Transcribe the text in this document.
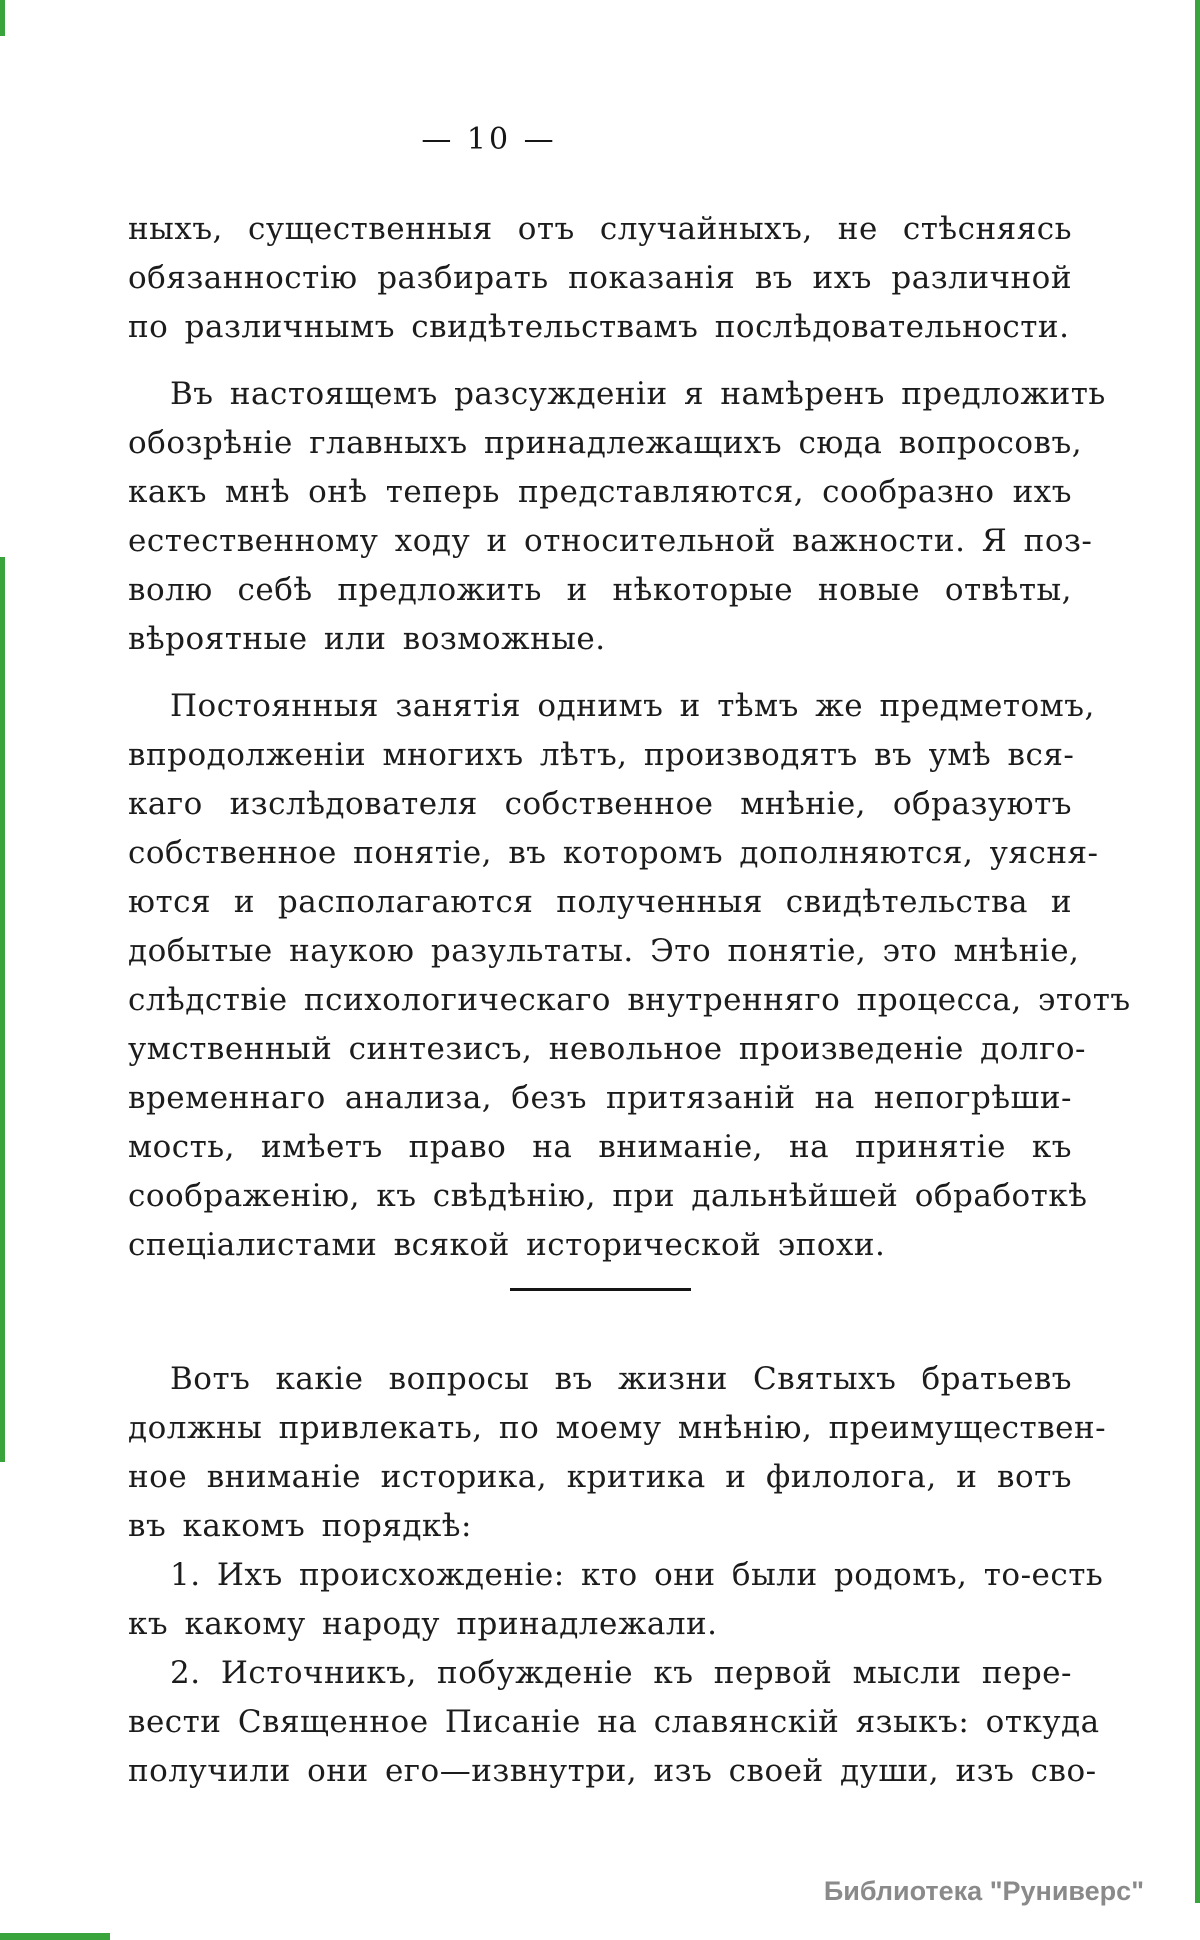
— 10 —
ныхъ, существенныя отъ случайныхъ, не стѣсняясь
обязанностію разбирать показанія въ ихъ различной
по различнымъ свидѣтельствамъ послѣдовательности.
Въ настоящемъ разсужденіи я намѣренъ предложить
обозрѣніе главныхъ принадлежащихъ сюда вопросовъ,
какъ мнѣ онѣ теперь представляются, сообразно ихъ
естественному ходу и относительной важности. Я поз-
волю себѣ предложить и нѣкоторые новые отвѣты,
вѣроятные или возможные.
Постоянныя занятія однимъ и тѣмъ же предметомъ,
впродолженіи многихъ лѣтъ, производятъ въ умѣ вся-
каго изслѣдователя собственное мнѣніе, образуютъ
собственное понятіе, въ которомъ дополняются, уясня-
ются и располагаются полученныя свидѣтельства и
добытые наукою разультаты. Это понятіе, это мнѣніе,
слѣдствіе психологическаго внутренняго процесса, этотъ
умственный синтезисъ, невольное произведеніе долго-
временнаго анализа, безъ притязаній на непогрѣши-
мость, имѣетъ право на вниманіе, на принятіе къ
соображенію, къ свѣдѣнію, при дальнѣйшей обработкѣ
спеціалистами всякой исторической эпохи.
Вотъ какіе вопросы въ жизни Святыхъ братьевъ
должны привлекать, по моему мнѣнію, преимуществен-
ное вниманіе историка, критика и филолога, и вотъ
въ какомъ порядкѣ:
1. Ихъ происхожденіе: кто они были родомъ, то-есть
къ какому народу принадлежали.
2. Источникъ, побужденіе къ первой мысли пере-
вести Священное Писаніе на славянскій языкъ: откуда
получили они его—извнутри, изъ своей души, изъ сво-
Библиотека "Руниверс"
